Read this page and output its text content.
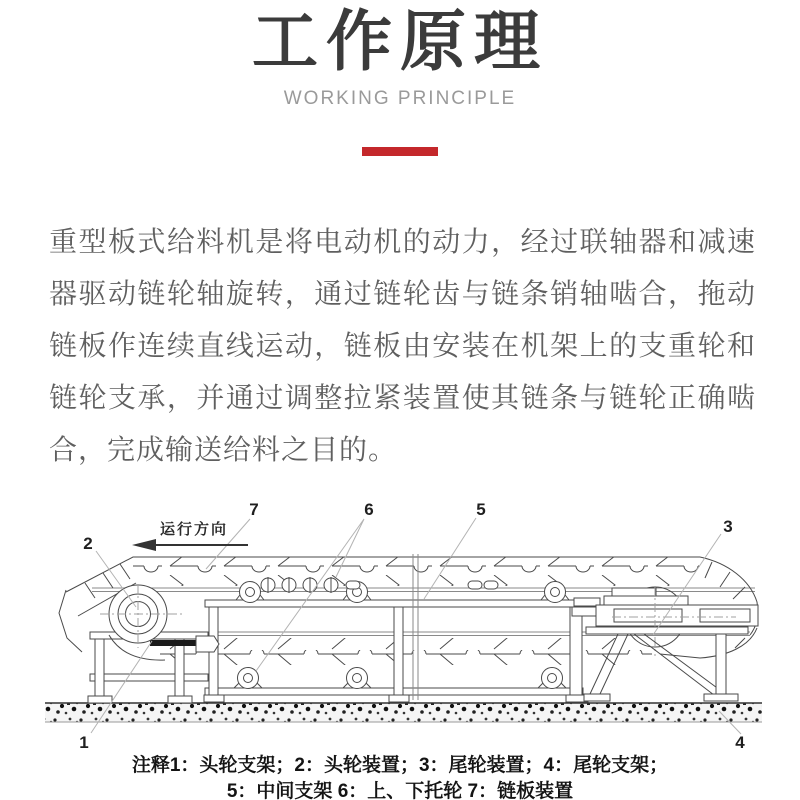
工作原理
WORKING PRINCIPLE

重型板式给料机是将电动机的动力，经过联轴器和减速器驱动链轮轴旋转，通过链轮齿与链条销轴啮合，拖动链板作连续直线运动，链板由安装在机架上的支重轮和链轮支承，并通过调整拉紧装置使其链条与链轮正确啮合，完成输送给料之目的。

1
2
3
4
5
6
7
运行方向
注释1：头轮支架；2：头轮装置；3：尾轮装置；4：尾轮支架；
5：中间支架 6：上、下托轮 7：链板装置
